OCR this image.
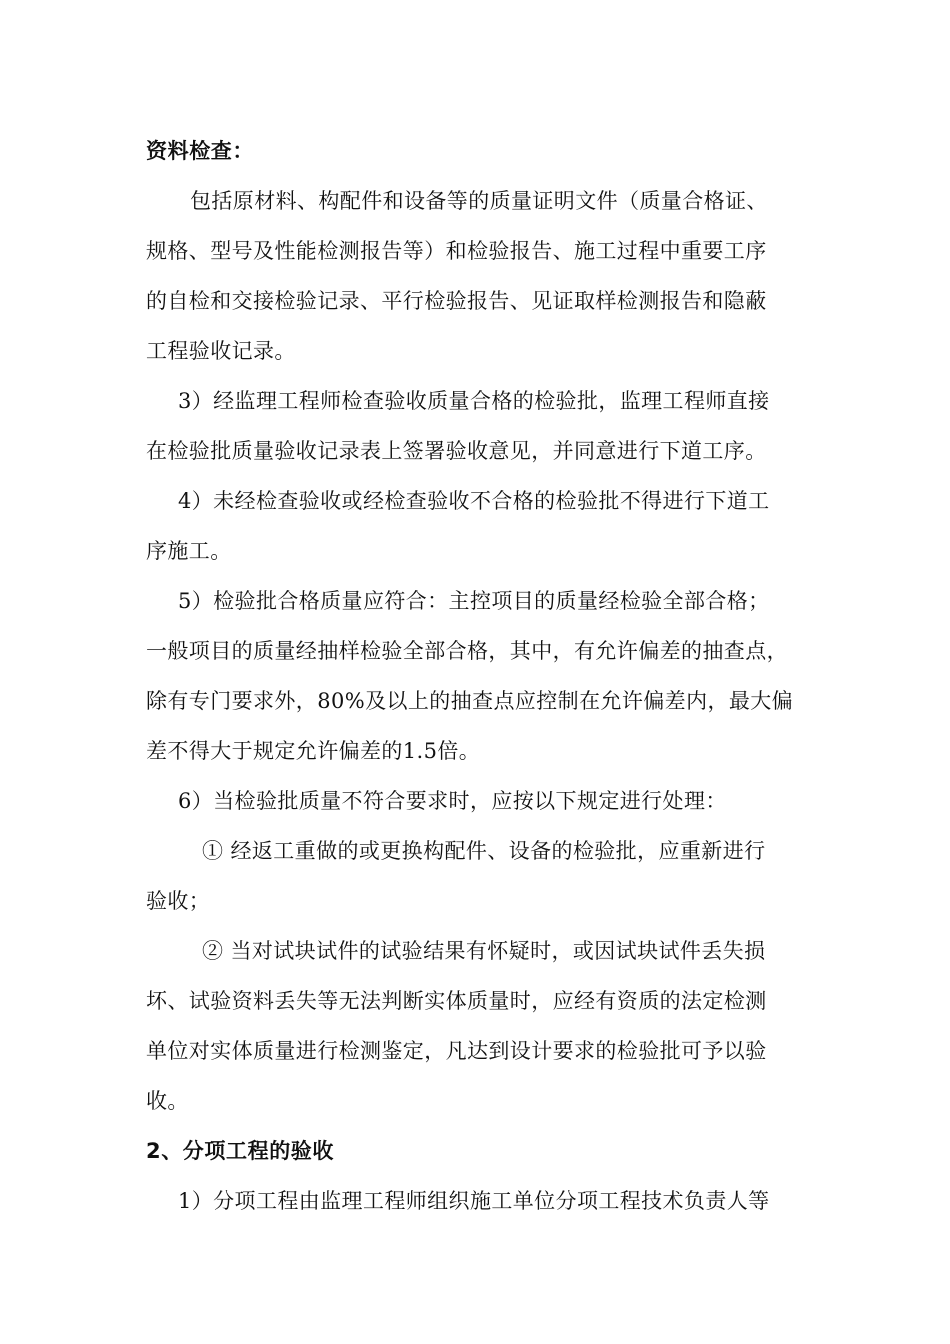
资料检查：
包括原材料、构配件和设备等的质量证明文件（质量合格证、
规格、型号及性能检测报告等）和检验报告、施工过程中重要工序
的自检和交接检验记录、平行检验报告、见证取样检测报告和隐蔽
工程验收记录。
3）经监理工程师检查验收质量合格的检验批，监理工程师直接
在检验批质量验收记录表上签署验收意见，并同意进行下道工序。
4）未经检查验收或经检查验收不合格的检验批不得进行下道工
序施工。
5）检验批合格质量应符合：主控项目的质量经检验全部合格；
一般项目的质量经抽样检验全部合格，其中，有允许偏差的抽查点，
除有专门要求外，80%及以上的抽查点应控制在允许偏差内，最大偏
差不得大于规定允许偏差的1.5倍。
6）当检验批质量不符合要求时，应按以下规定进行处理：
① 经返工重做的或更换构配件、设备的检验批，应重新进行
验收；
② 当对试块试件的试验结果有怀疑时，或因试块试件丢失损
坏、试验资料丢失等无法判断实体质量时，应经有资质的法定检测
单位对实体质量进行检测鉴定，凡达到设计要求的检验批可予以验
收。
2、分项工程的验收
1）分项工程由监理工程师组织施工单位分项工程技术负责人等
